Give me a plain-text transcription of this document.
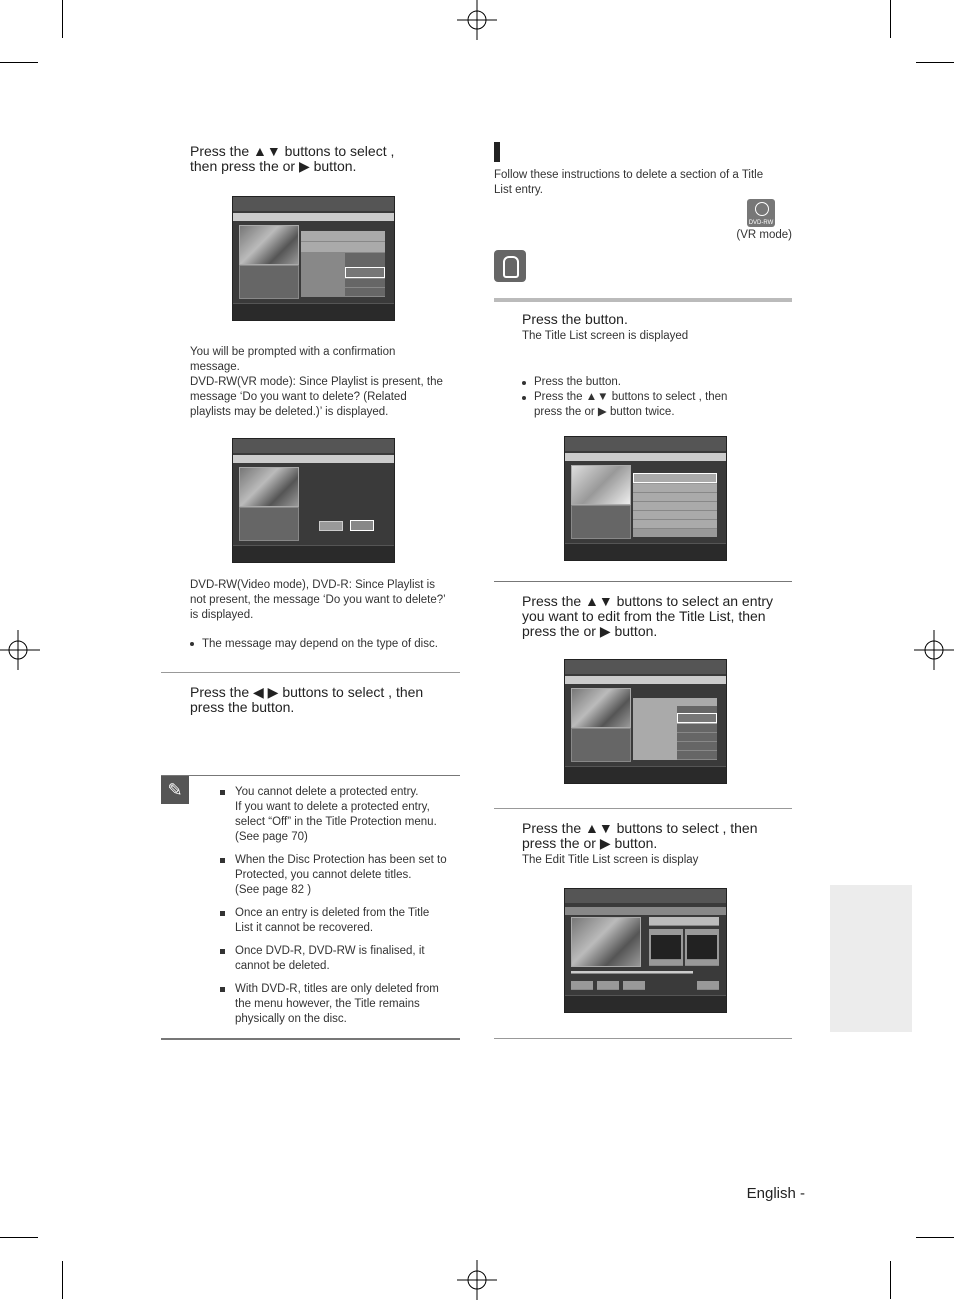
Press the ▲▼ buttons to select ,
then press the or ▶ button.
You will be prompted with a confirmation
message.
DVD-RW(VR mode): Since Playlist is present, the
message ‘Do you want to delete? (Related
playlists may be deleted.)’ is displayed.
DVD-RW(Video mode), DVD-R: Since Playlist is
not present, the message ‘Do you want to delete?’
is displayed.
The message may depend on the type of disc.
Press the ◀ ▶ buttons to select , then
press the button.
✎	You cannot delete a protected entry.
If you want to delete a protected entry,
select “Off” in the Title Protection menu.
(See page 70)
When the Disc Protection has been set to
Protected, you cannot delete titles.
(See page 82 )
Once an entry is deleted from the Title
List it cannot be recovered.
Once DVD-R, DVD-RW is finalised, it
cannot be deleted.
With DVD-R, titles are only deleted from
the menu however, the Title remains
physically on the disc.
Follow these instructions to delete a section of a Title
List entry.
DVD-RW
(VR mode)
Press the button.
The Title List screen is displayed
Press the button.
Press the ▲▼ buttons to select , then
press the or ▶ button twice.
Press the ▲▼ buttons to select an entry
you want to edit from the Title List, then
press the or ▶ button.
Press the ▲▼ buttons to select , then
press the or ▶ button.
The Edit Title List screen is display
English -
